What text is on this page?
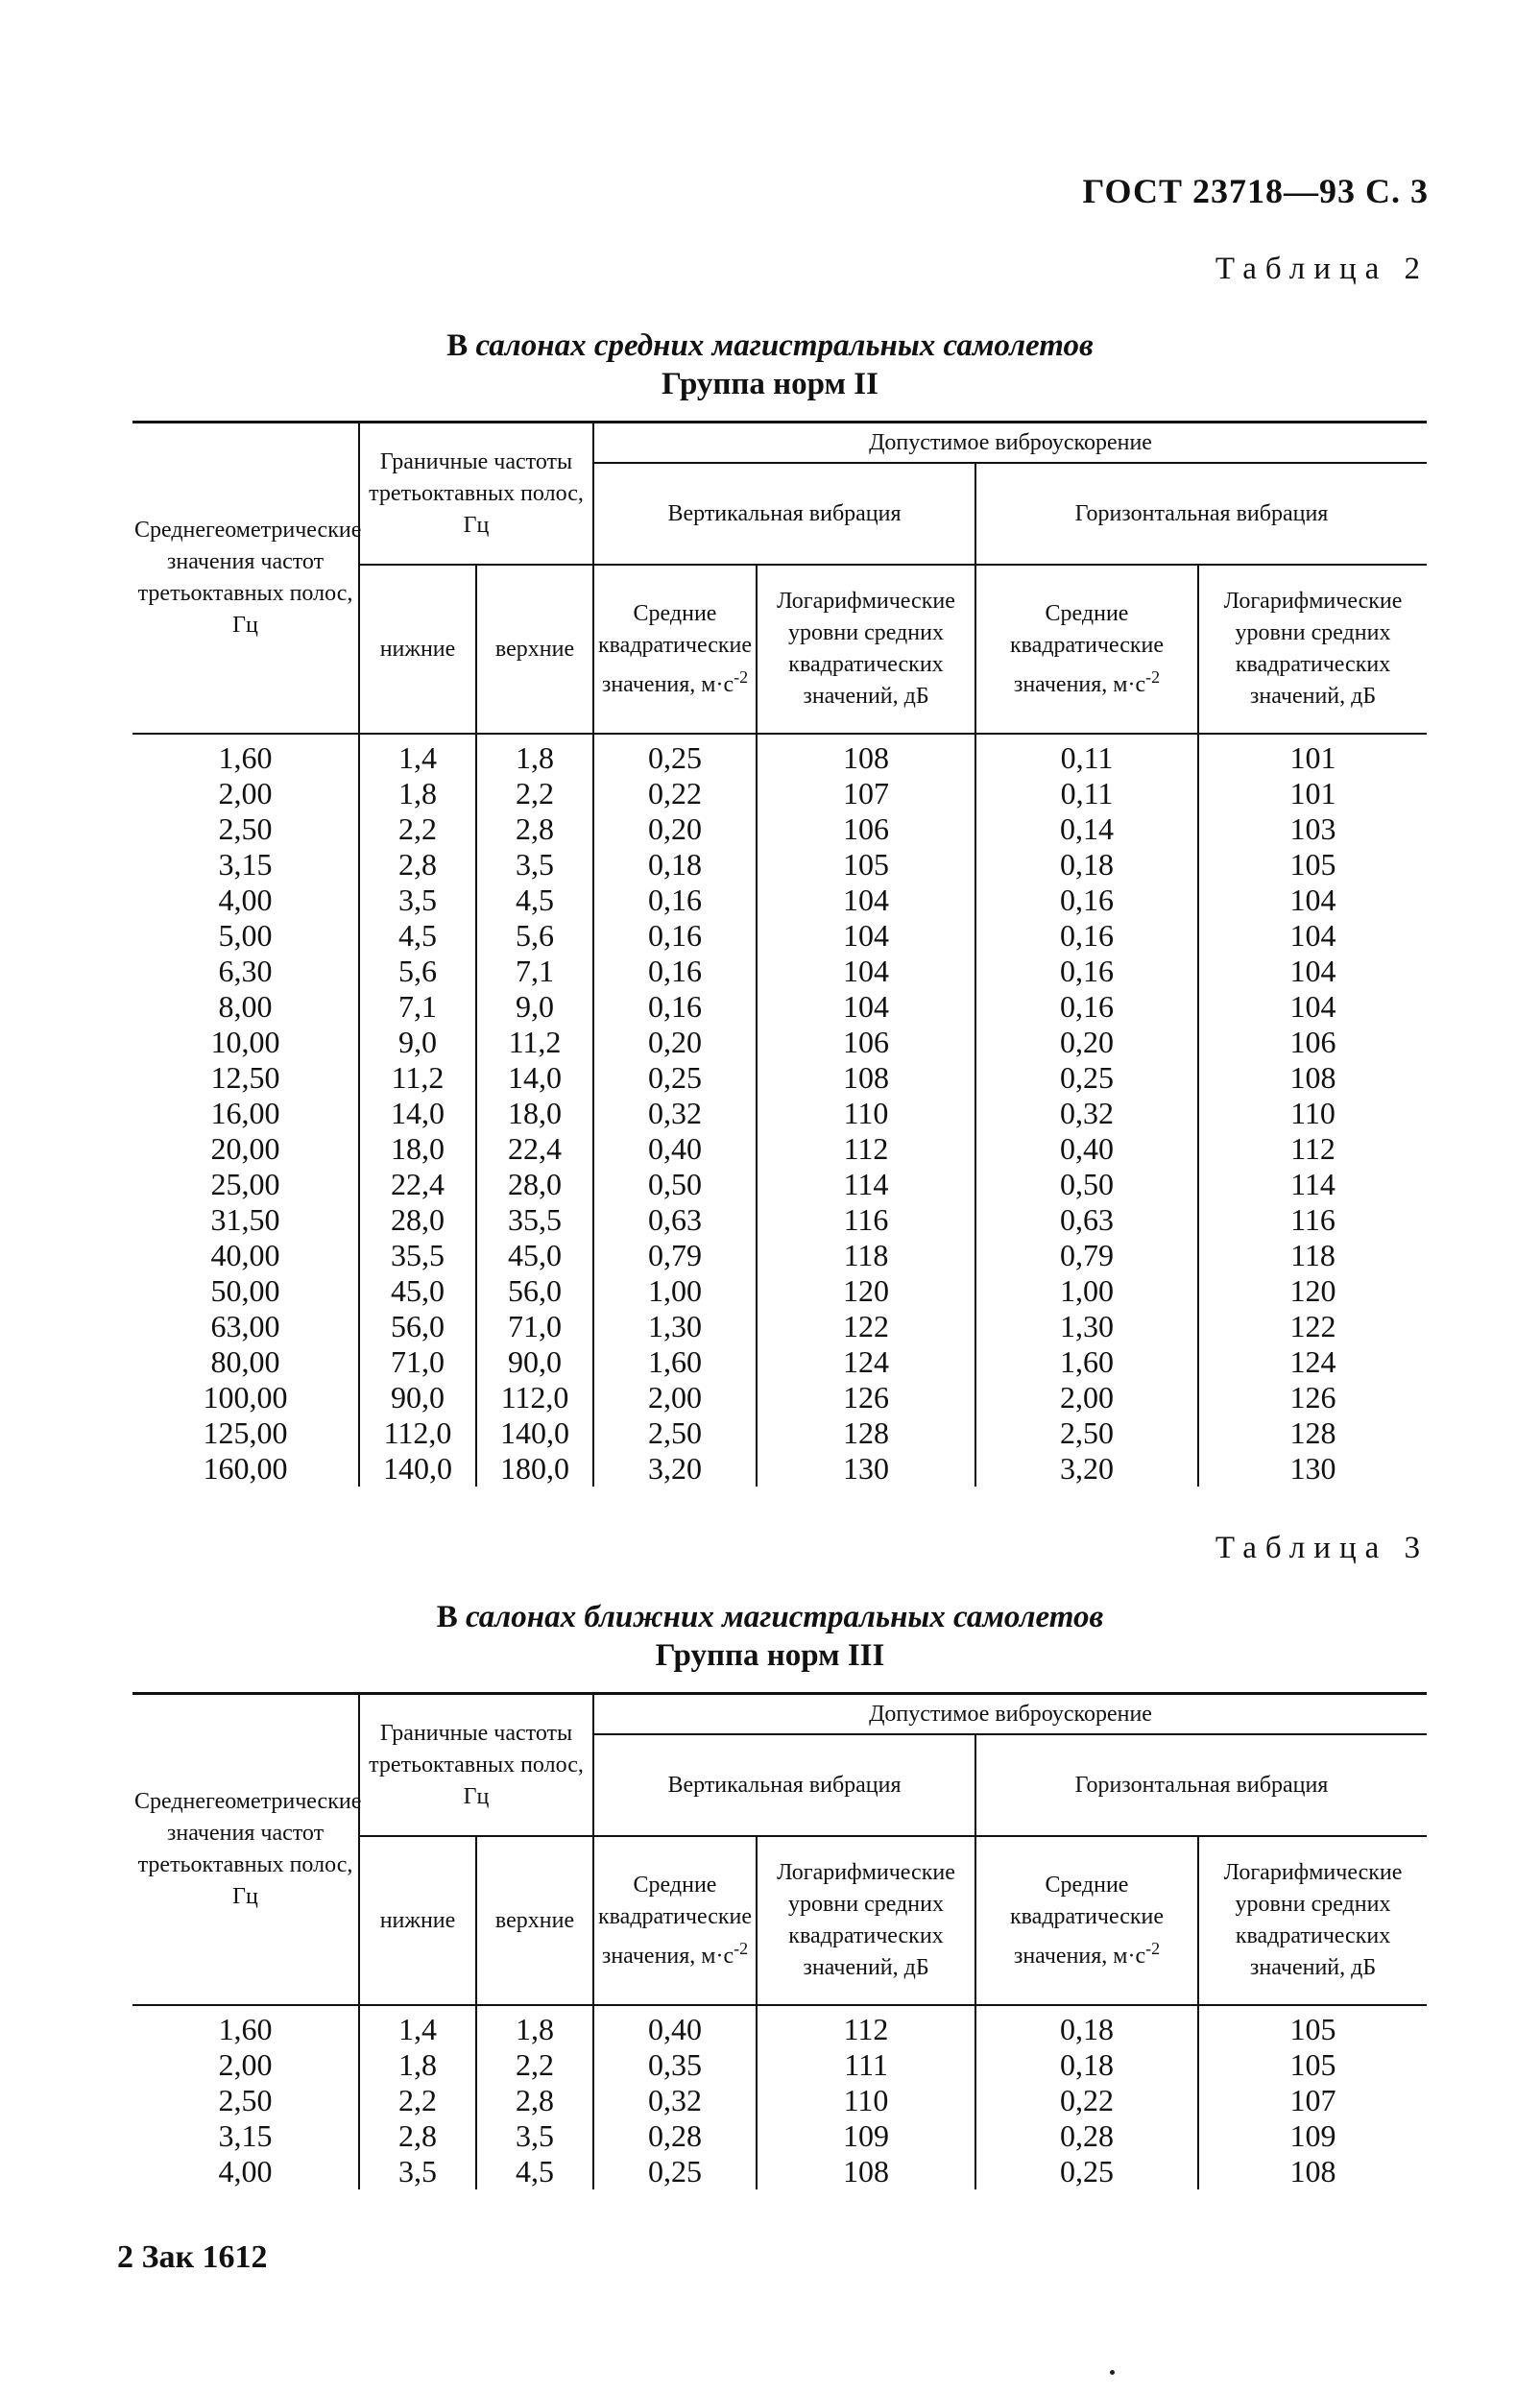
ГОСТ 23718—93 С. 3
Таблица 2
В салонах средних магистральных самолетов
Группа норм II
Среднегеометрические значения частот третьоктавных полос, Гц	Граничные частоты третьоктавных полос, Гц		Допустимое виброускорение			
			Вертикальная вибрация		Горизонтальная вибрация	
	нижние	верхние	Средние квадратические значения, $м\cdot с^{-2}$	Логарифмические уровни средних квадратических значений, дБ	Средние квадратические значения, $м\cdot с^{-2}$	Логарифмические уровни средних квадратических значений, дБ
1,60	1,4	1,8	0,25	108	0,11	101
2,00	1,8	2,2	0,22	107	0,11	101
2,50	2,2	2,8	0,20	106	0,14	103
3,15	2,8	3,5	0,18	105	0,18	105
4,00	3,5	4,5	0,16	104	0,16	104
5,00	4,5	5,6	0,16	104	0,16	104
6,30	5,6	7,1	0,16	104	0,16	104
8,00	7,1	9,0	0,16	104	0,16	104
10,00	9,0	11,2	0,20	106	0,20	106
12,50	11,2	14,0	0,25	108	0,25	108
16,00	14,0	18,0	0,32	110	0,32	110
20,00	18,0	22,4	0,40	112	0,40	112
25,00	22,4	28,0	0,50	114	0,50	114
31,50	28,0	35,5	0,63	116	0,63	116
40,00	35,5	45,0	0,79	118	0,79	118
50,00	45,0	56,0	1,00	120	1,00	120
63,00	56,0	71,0	1,30	122	1,30	122
80,00	71,0	90,0	1,60	124	1,60	124
100,00	90,0	112,0	2,00	126	2,00	126
125,00	112,0	140,0	2,50	128	2,50	128
160,00	140,0	180,0	3,20	130	3,20	130
Таблица 3
В салонах ближних магистральных самолетов
Группа норм III
Среднегеометрические значения частот третьоктавных полос, Гц	Граничные частоты третьоктавных полос, Гц		Допустимое виброускорение			
			Вертикальная вибрация		Горизонтальная вибрация	
	нижние	верхние	Средние квадратические значения, $м\cdot с^{-2}$	Логарифмические уровни средних квадратических значений, дБ	Средние квадратические значения, $м\cdot с^{-2}$	Логарифмические уровни средних квадратических значений, дБ
1,60	1,4	1,8	0,40	112	0,18	105
2,00	1,8	2,2	0,35	111	0,18	105
2,50	2,2	2,8	0,32	110	0,22	107
3,15	2,8	3,5	0,28	109	0,28	109
4,00	3,5	4,5	0,25	108	0,25	108
2 Зак 1612
